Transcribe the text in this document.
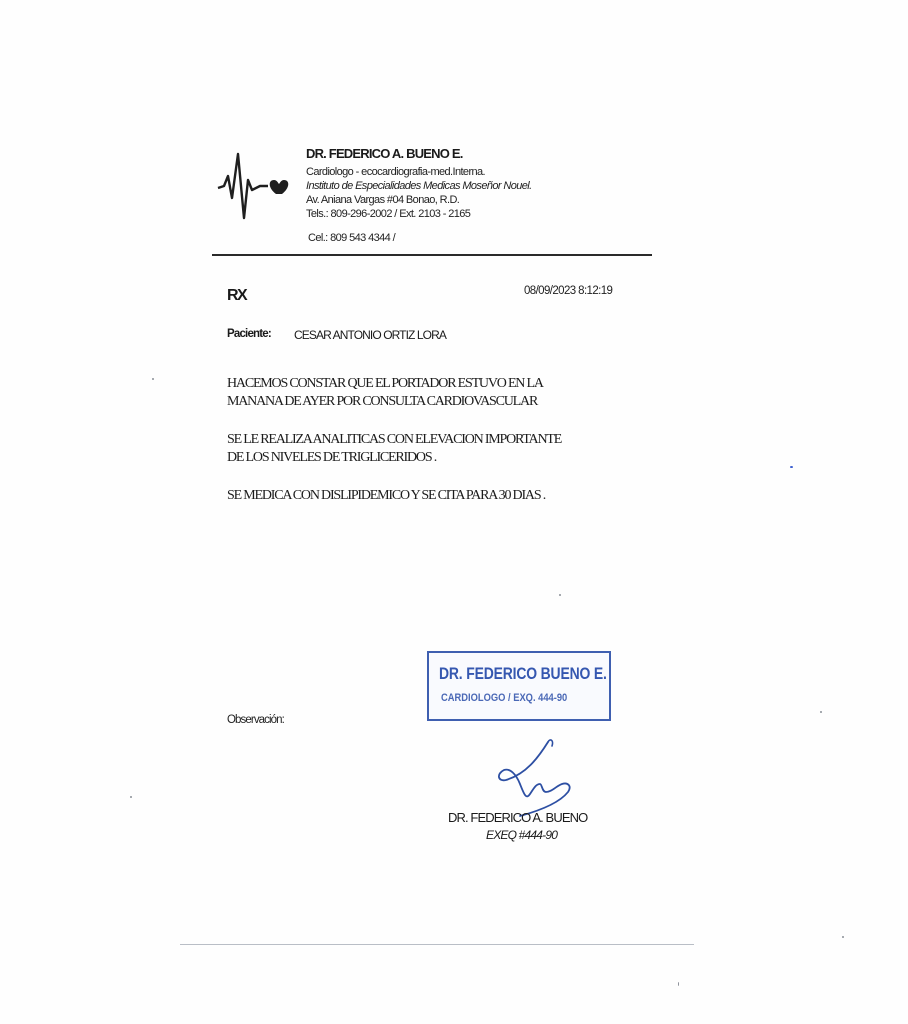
DR. FEDERICO A. BUENO E.
Cardiologo - ecocardiografia-med.Interna.
Instituto de Especialidades Medicas Moseñor Nouel.
Av. Aniana Vargas #04 Bonao, R.D.
Tels.: 809-296-2002 / Ext. 2103 - 2165
Cel.: 809 543 4344 /
RX	08/09/2023 8:12:19
Paciente: CESAR ANTONIO ORTIZ LORA
HACEMOS CONSTAR QUE EL PORTADOR ESTUVO EN LA
MANANA DE AYER POR CONSULTA CARDIOVASCULAR
SE LE REALIZA ANALITICAS CON ELEVACION IMPORTANTE
DE LOS NIVELES DE TRIGLICERIDOS .
SE MEDICA CON DISLIPIDEMICO Y SE CITA PARA 30 DIAS .
DR. FEDERICO BUENO E.
CARDIOLOGO / EXQ. 444-90
Observación:
DR. FEDERICO A. BUENO
EXEQ #444-90
